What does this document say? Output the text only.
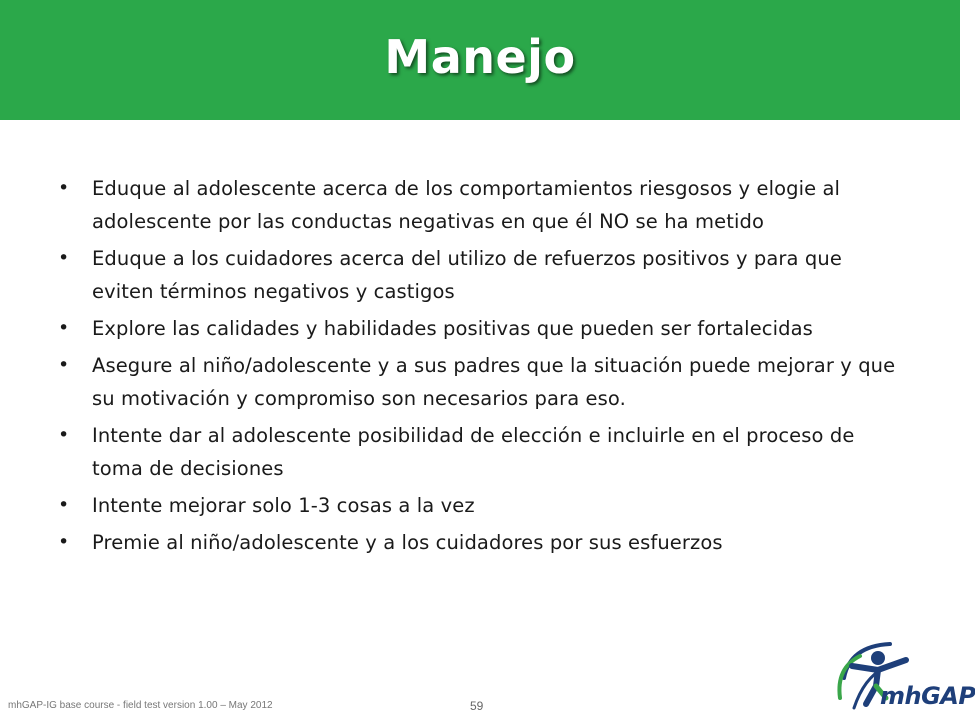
Manejo
• Eduque al adolescente acerca de los comportamientos riesgosos y elogie al adolescente por las conductas negativas en que él NO se ha metido
• Eduque a los cuidadores acerca del utilizo de refuerzos positivos y para que eviten términos negativos y castigos
• Explore las calidades y habilidades positivas que pueden ser fortalecidas
• Asegure al niño/adolescente y a sus padres que la situación puede mejorar y que su motivación y compromiso son necesarios para eso.
• Intente dar al adolescente posibilidad de elección e incluirle en el proceso de toma de decisiones
• Intente mejorar solo 1-3 cosas a la vez
• Premie al niño/adolescente y a los cuidadores por sus esfuerzos
mhGAP-IG base course - field test version 1.00 – May 2012	59	mhGAP
